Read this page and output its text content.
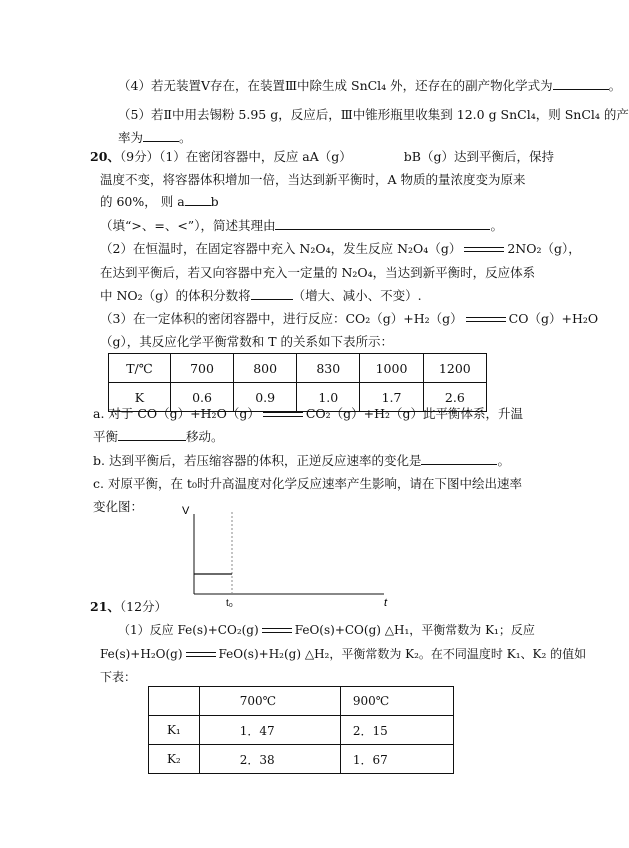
（4）若无装置Ⅴ存在，在装置Ⅲ中除生成 SnCl₄ 外，还存在的副产物化学式为	。
（5）若Ⅱ中用去锡粉 5.95 g，反应后，Ⅲ中锥形瓶里收集到 12.0 g SnCl₄，则 SnCl₄ 的产
率为	。
20、（9分）（1）在密闭容器中，反应 aA（g）	bB（g）达到平衡后，保持
温度不变，将容器体积增加一倍，当达到新平衡时，A 物质的量浓度变为原来
的 60%， 则 a b
（填“>、=、<”），简述其理由	。
（2）在恒温时，在固定容器中充入 N₂O₄，发生反应 N₂O₄（g）	2NO₂（g），
在达到平衡后，若又向容器中充入一定量的 N₂O₄，当达到新平衡时，反应体系
中 NO₂（g）的体积分数将	（增大、减小、不变）.
（3）在一定体积的密闭容器中，进行反应：CO₂（g）+H₂（g）	CO（g）+H₂O
（g），其反应化学平衡常数和 T 的关系如下表所示：
T/℃	700	800	830	1000	1200
K	0.6	0.9	1.0	1.7	2.6
a. 对于 CO（g）+H₂O（g）	CO₂（g）+H₂（g）此平衡体系，升温
平衡	移动。
b. 达到平衡后，若压缩容器的体积，正逆反应速率的变化是	。
c. 对原平衡，在 t₀时升高温度对化学反应速率产生影响，请在下图中绘出速率
变化图：	V
t
t₀
21、（12分）
（1）反应 Fe(s)+CO₂(g)	FeO(s)+CO(g) △H₁，平衡常数为 K₁；反应
Fe(s)+H₂O(g)	FeO(s)+H₂(g) △H₂，平衡常数为 K₂。在不同温度时 K₁、K₂ 的值如
下表：
	700℃	900℃
K₁	1．47	2．15
K₂	2．38	1．67
